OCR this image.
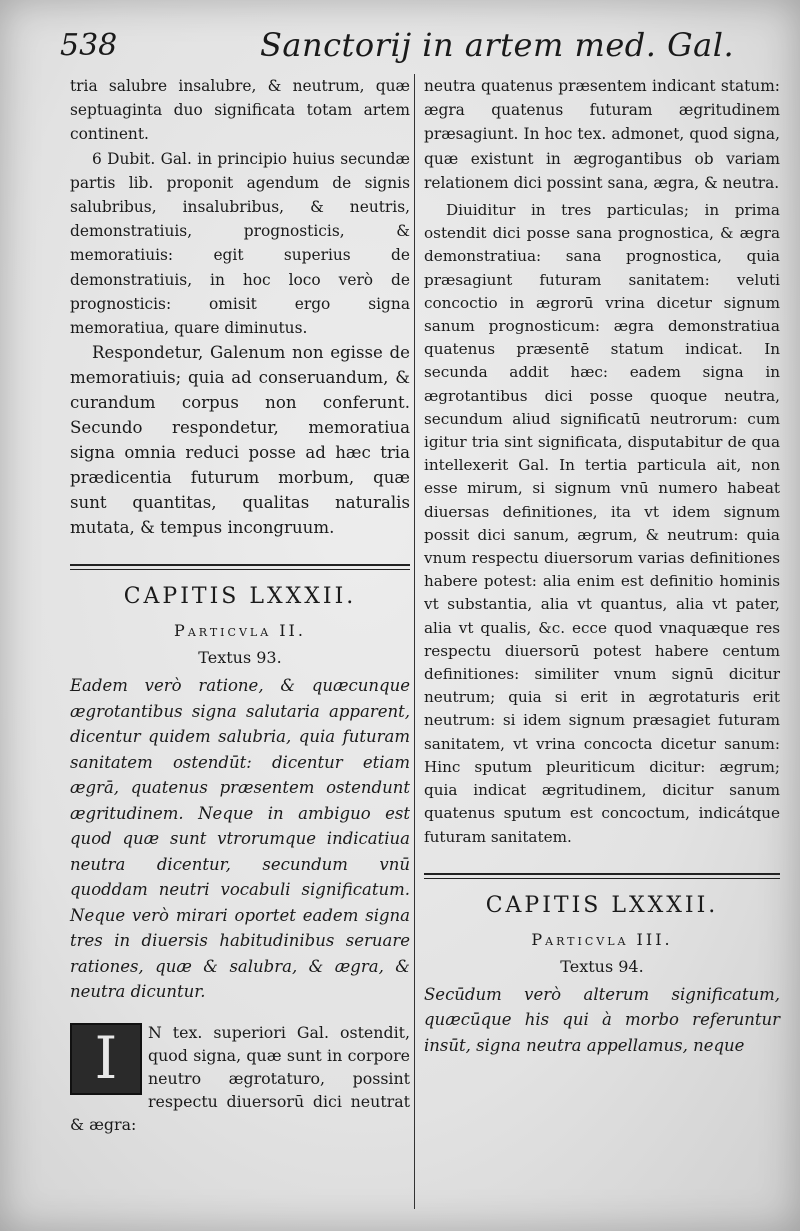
538	Sanctorij in artem med. Gal.

tria salubre insalubre, & neutrum, quæ septuaginta duo significata totam artem continent.

6 Dubit. Gal. in principio huius secundæ partis lib. proponit agendum de signis salubribus, insalubribus, & neutris, demonstratiuis, prognosticis, & memoratiuis: egit superius de demonstratiuis, in hoc loco verò de prognosticis: omisit ergo signa memoratiua, quare diminutus.

Respondetur, Galenum non egisse de memoratiuis; quia ad conseruandum, & curandum corpus non conferunt. Secundo respondetur, memoratiua signa omnia reduci posse ad hæc tria prædicentia futurum morbum, quæ sunt quantitas, qualitas naturalis mutata, & tempus incongruum.

CAPITIS LXXXII.
Particvla II.
Textus 93.

Eadem verò ratione, & quæcunque ægrotantibus signa salutaria apparent, dicentur quidem salubria, quia futuram sanitatem ostendūt: dicentur etiam ægrā, quatenus præsentem ostendunt ægritudinem. Neque in ambiguo est quod quæ sunt vtrorumque indicatiua neutra dicentur, secundum vnū quoddam neutri vocabuli significatum. Neque verò mirari oportet eadem signa tres in diuersis habitudinibus seruare rationes, quæ & salubra, & ægra, & neutra dicuntur.

I	N tex. superiori Gal. ostendit, quod signa, quæ sunt in corpore neutro ægrotaturo, possint respectu diuersorū dici neutrat & ægra:

neutra quatenus præsentem indicant statum: ægra quatenus futuram ægritudinem præsagiunt. In hoc tex. admonet, quod signa, quæ existunt in ægrogantibus ob variam relationem dici possint sana, ægra, & neutra.

Diuiditur in tres particulas; in prima ostendit dici posse sana prognostica, & ægra demonstratiua: sana prognostica, quia præsagiunt futuram sanitatem: veluti concoctio in ægrorū vrina dicetur signum sanum prognosticum: ægra demonstratiua quatenus præsentē statum indicat. In secunda addit hæc: eadem signa in ægrotantibus dici posse quoque neutra, secundum aliud significatū neutrorum: cum igitur tria sint significata, disputabitur de qua intellexerit Gal. In tertia particula ait, non esse mirum, si signum vnū numero habeat diuersas definitiones, ita vt idem signum possit dici sanum, ægrum, & neutrum: quia vnum respectu diuersorum varias definitiones habere potest: alia enim est definitio hominis vt substantia, alia vt quantus, alia vt pater, alia vt qualis, &c. ecce quod vnaquæque res respectu diuersorū potest habere centum definitiones: similiter vnum signū dicitur neutrum; quia si erit in ægrotaturis erit neutrum: si idem signum præsagiet futuram sanitatem, vt vrina concocta dicetur sanum: Hinc sputum pleuriticum dicitur: ægrum; quia indicat ægritudinem, dicitur sanum quatenus sputum est concoctum, indicátque futuram sanitatem.

CAPITIS LXXXII.
Particvla III.
Textus 94.

Secūdum verò alterum significatum, quæcūque his qui à morbo referuntur insūt, signa neutra appellamus, neque
